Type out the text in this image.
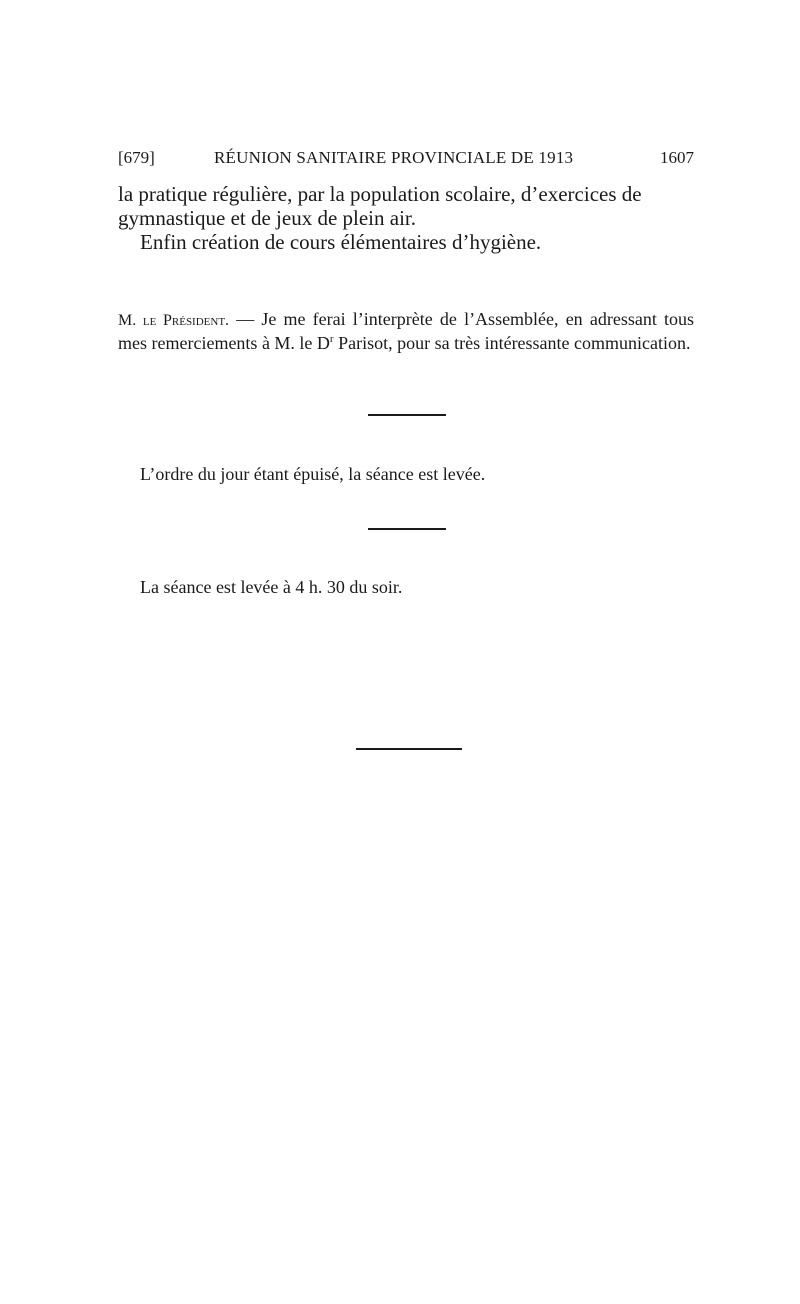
[679]	RÉUNION SANITAIRE PROVINCIALE DE 1913	1607
la pratique régulière, par la population scolaire, d’exercices de
gymnastique et de jeux de plein air.
Enfin création de cours élémentaires d’hygiène.
M. le Président. — Je me ferai l’interprète de l’Assemblée, en adressant tous mes remerciements à M. le $D^r$ Parisot, pour sa très intéressante communication.
L’ordre du jour étant épuisé, la séance est levée.
La séance est levée à 4 h. 30 du soir.
